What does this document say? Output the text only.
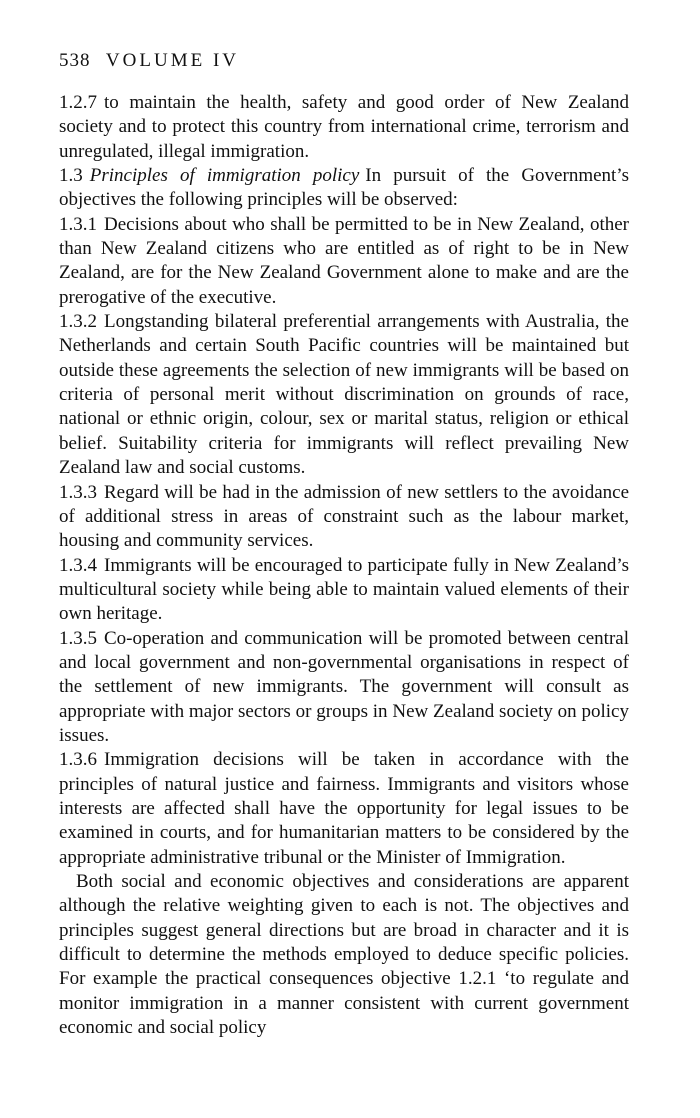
538 VOLUME IV

1.2.7 to maintain the health, safety and good order of New Zealand society and to protect this country from international crime, terrorism and unregulated, illegal immigration.

1.3 Principles of immigration policy In pursuit of the Government’s objectives the following principles will be observed:

1.3.1 Decisions about who shall be permitted to be in New Zealand, other than New Zealand citizens who are entitled as of right to be in New Zealand, are for the New Zealand Government alone to make and are the prerogative of the executive.

1.3.2 Longstanding bilateral preferential arrangements with Australia, the Netherlands and certain South Pacific countries will be maintained but outside these agreements the selection of new immigrants will be based on criteria of personal merit without discrimination on grounds of race, national or ethnic origin, colour, sex or marital status, religion or ethical belief. Suitability criteria for immigrants will reflect prevailing New Zealand law and social customs.

1.3.3 Regard will be had in the admission of new settlers to the avoidance of additional stress in areas of constraint such as the labour market, housing and community services.

1.3.4 Immigrants will be encouraged to participate fully in New Zealand’s multicultural society while being able to maintain valued elements of their own heritage.

1.3.5 Co-operation and communication will be promoted between central and local government and non-governmental organisations in respect of the settlement of new immigrants. The government will consult as appropriate with major sectors or groups in New Zealand society on policy issues.

1.3.6 Immigration decisions will be taken in accordance with the principles of natural justice and fairness. Immigrants and visitors whose interests are affected shall have the opportunity for legal issues to be examined in courts, and for humanitarian matters to be considered by the appropriate administrative tribunal or the Minister of Immigration.

Both social and economic objectives and considerations are apparent although the relative weighting given to each is not. The objectives and principles suggest general directions but are broad in character and it is difficult to determine the methods employed to deduce specific policies. For example the practical consequences objective 1.2.1 ‘to regulate and monitor immigration in a manner consistent with current government economic and social policy
